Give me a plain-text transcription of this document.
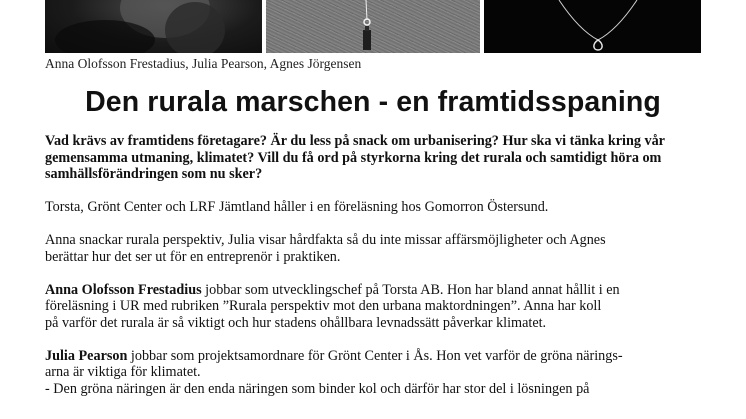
Anna Olofsson Frestadius, Julia Pearson, Agnes Jörgensen
Den rurala marschen - en framtidsspaning

Vad krävs av framtidens företagare? Är du less på snack om urbanisering? Hur ska vi tänka kring vår
gemensamma utmaning, klimatet? Vill du få ord på styrkorna kring det rurala och samtidigt höra om
samhällsförändringen som nu sker?

Torsta, Grönt Center och LRF Jämtland håller i en föreläsning hos Gomorron Östersund.

Anna snackar rurala perspektiv, Julia visar hårdfakta så du inte missar affärsmöjligheter och Agnes
berättar hur det ser ut för en entreprenör i praktiken.

Anna Olofsson Frestadius jobbar som utvecklingschef på Torsta AB. Hon har bland annat hållit i en
föreläsning i UR med rubriken ”Rurala perspektiv mot den urbana maktordningen”. Anna har koll
på varför det rurala är så viktigt och hur stadens ohållbara levnadssätt påverkar klimatet.

Julia Pearson jobbar som projektsamordnare för Grönt Center i Ås. Hon vet varför de gröna närings-
arna är viktiga för klimatet.
- Den gröna näringen är den enda näringen som binder kol och därför har stor del i lösningen på
